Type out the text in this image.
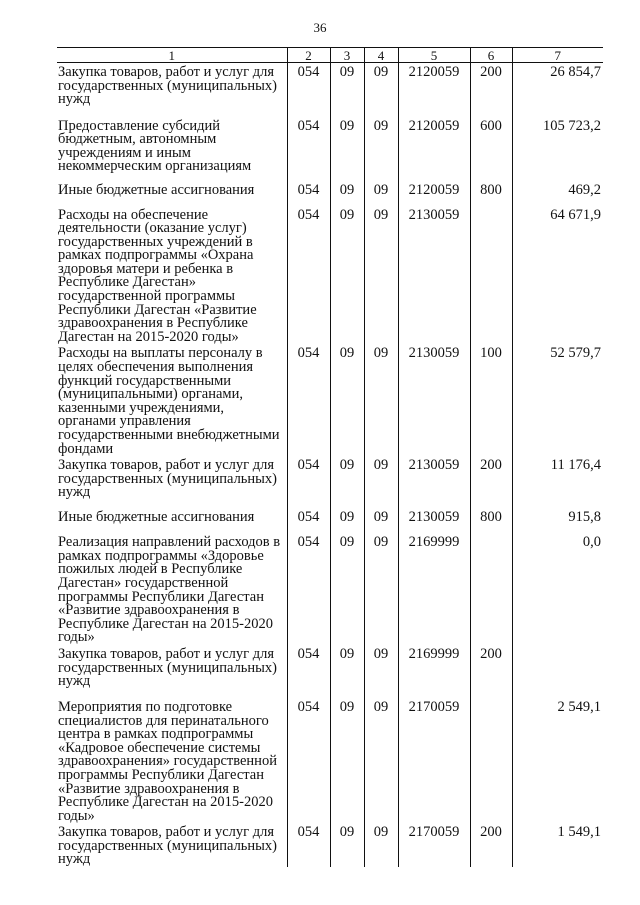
36
1	2	3	4	5	6	7
Закупка товаров, работ и услуг для государственных (муниципальных) нужд	054	09	09	2120059	200	26 854,7
Предоставление субсидий бюджетным, автономным учреждениям и иным некоммерческим организациям	054	09	09	2120059	600	105 723,2
Иные бюджетные ассигнования	054	09	09	2120059	800	469,2
Расходы на обеспечение деятельности (оказание услуг) государственных учреждений в рамках подпрограммы «Охрана здоровья матери и ребенка в Республике Дагестан» государственной программы Республики Дагестан «Развитие здравоохранения в Республике Дагестан на 2015-2020 годы»	054	09	09	2130059		64 671,9
Расходы на выплаты персоналу в целях обеспечения выполнения функций государственными (муниципальными) органами, казенными учреждениями, органами управления государственными внебюджетными фондами	054	09	09	2130059	100	52 579,7
Закупка товаров, работ и услуг для государственных (муниципальных) нужд	054	09	09	2130059	200	11 176,4
Иные бюджетные ассигнования	054	09	09	2130059	800	915,8
Реализация направлений расходов в рамках подпрограммы «Здоровье пожилых людей в Республике Дагестан» государственной программы Республики Дагестан «Развитие здравоохранения в Республике Дагестан на 2015-2020 годы»	054	09	09	2169999		0,0
Закупка товаров, работ и услуг для государственных (муниципальных) нужд	054	09	09	2169999	200	
Мероприятия по подготовке специалистов для перинатального центра в рамках подпрограммы «Кадровое обеспечение системы здравоохранения» государственной программы Республики Дагестан «Развитие здравоохранения в Республике Дагестан на 2015-2020 годы»	054	09	09	2170059		2 549,1
Закупка товаров, работ и услуг для государственных (муниципальных) нужд	054	09	09	2170059	200	1 549,1
